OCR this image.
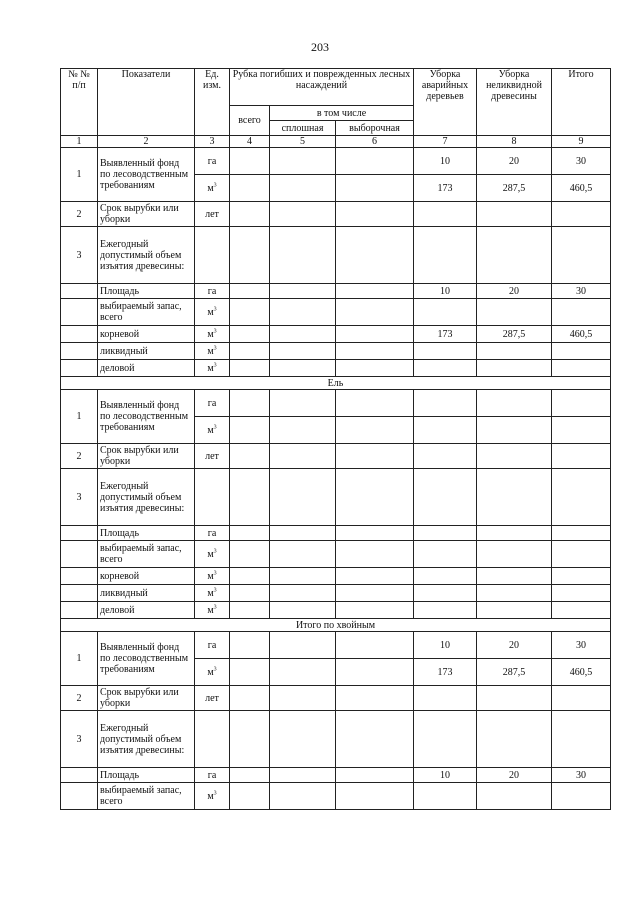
203
№ № п/п	Показатели	Ед. изм.	Рубка погибших и поврежденных лесных насаждений			Уборка аварийных деревьев	Уборка неликвидной древесины	Итого
			всего	в том числе				
				сплошная	выборочная			
1	2	3	4	5	6	7	8	9
1	Выявленный фонд по лесоводственным требованиям	га				10	20	30
		$м^3$				173	287,5	460,5
2	Срок вырубки или уборки	лет						
3	Ежегодный допустимый объем изъятия древесины:							
	Площадь	га				10	20	30
	выбираемый запас, всего	$м^3$						
	корневой	$м^3$				173	287,5	460,5
	ликвидный	$м^3$						
	деловой	$м^3$						
Ель								
1	Выявленный фонд по лесоводственным требованиям	га						
		$м^3$						
2	Срок вырубки или уборки	лет						
3	Ежегодный допустимый объем изъятия древесины:							
	Площадь	га						
	выбираемый запас, всего	$м^3$						
	корневой	$м^3$						
	ликвидный	$м^3$						
	деловой	$м^3$						
Итого по хвойным								
1	Выявленный фонд по лесоводственным требованиям	га				10	20	30
		$м^3$				173	287,5	460,5
2	Срок вырубки или уборки	лет						
3	Ежегодный допустимый объем изъятия древесины:							
	Площадь	га				10	20	30
	выбираемый запас, всего	$м^3$						
